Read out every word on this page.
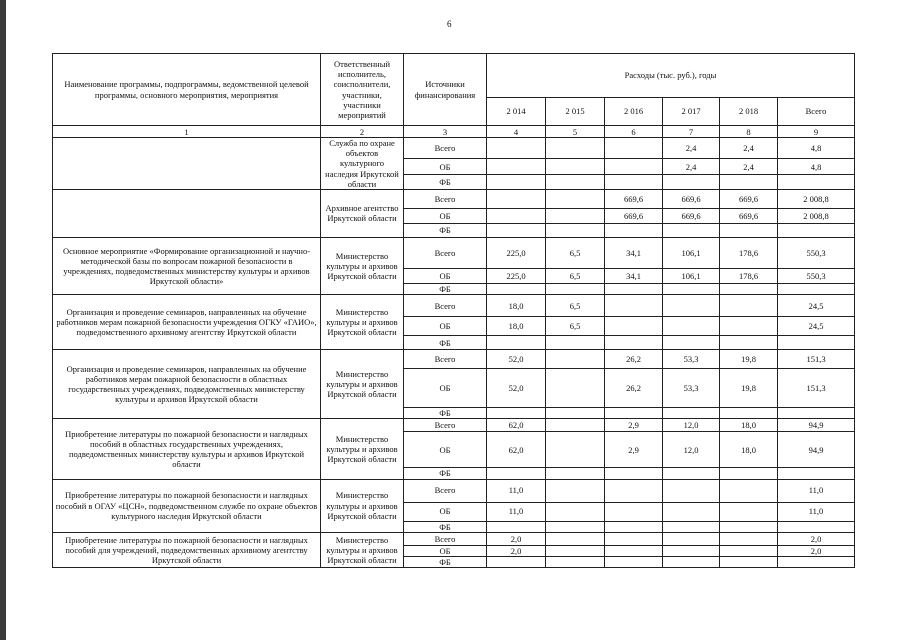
6
Наименование программы, подпрограммы, ведомственной целевой программы, основного мероприятия, мероприятия	Ответственный исполнитель, соисполнители, участники, участники мероприятий	Источники финансирования	Расходы (тыс. руб.), годы					
			2 014	2 015	2 016	2 017	2 018	Всего
1	2	3	4	5	6	7	8	9
	Служба по охране объектов культурного наследия Иркутской области	Всего				2,4	2,4	4,8
		ОБ				2,4	2,4	4,8
		ФБ						
	Архивное агентство Иркутской области	Всего			669,6	669,6	669,6	2 008,8
		ОБ			669,6	669,6	669,6	2 008,8
		ФБ						
Основное мероприятие «Формирование организационной и научно-методической базы по вопросам пожарной безопасности в учреждениях, подведомственных министерству культуры и архивов Иркутской области»	Министерство культуры и архивов Иркутской области	Всего	225,0	6,5	34,1	106,1	178,6	550,3
		ОБ	225,0	6,5	34,1	106,1	178,6	550,3
		ФБ						
Организация и проведение семинаров, направленных на обучение работников мерам пожарной безопасности учреждения ОГКУ «ГАИО», подведомственного архивному агентству Иркутской области	Министерство культуры и архивов Иркутской области	Всего	18,0	6,5				24,5
		ОБ	18,0	6,5				24,5
		ФБ						
Организация и проведение семинаров, направленных на обучение работников мерам пожарной безопасности в областных государственных учреждениях, подведомственных министерству культуры и архивов Иркутской области	Министерство культуры и архивов Иркутской области	Всего	52,0		26,2	53,3	19,8	151,3
		ОБ	52,0		26,2	53,3	19,8	151,3
		ФБ						
Приобретение литературы по пожарной безопасности и наглядных пособий в областных государственных учреждениях, подведомственных министерству культуры и архивов Иркутской области	Министерство культуры и архивов Иркутской области	Всего	62,0		2,9	12,0	18,0	94,9
		ОБ	62,0		2,9	12,0	18,0	94,9
		ФБ						
Приобретение литературы по пожарной безопасности и наглядных пособий в ОГАУ «ЦСН», подведомственном службе по охране объектов культурного наследия Иркутской области	Министерство культуры и архивов Иркутской области	Всего	11,0					11,0
		ОБ	11,0					11,0
		ФБ						
Приобретение литературы по пожарной безопасности и наглядных пособий для учреждений, подведомственных архивному агентству Иркутской области	Министерство культуры и архивов Иркутской области	Всего	2,0					2,0
		ОБ	2,0					2,0
		ФБ						
